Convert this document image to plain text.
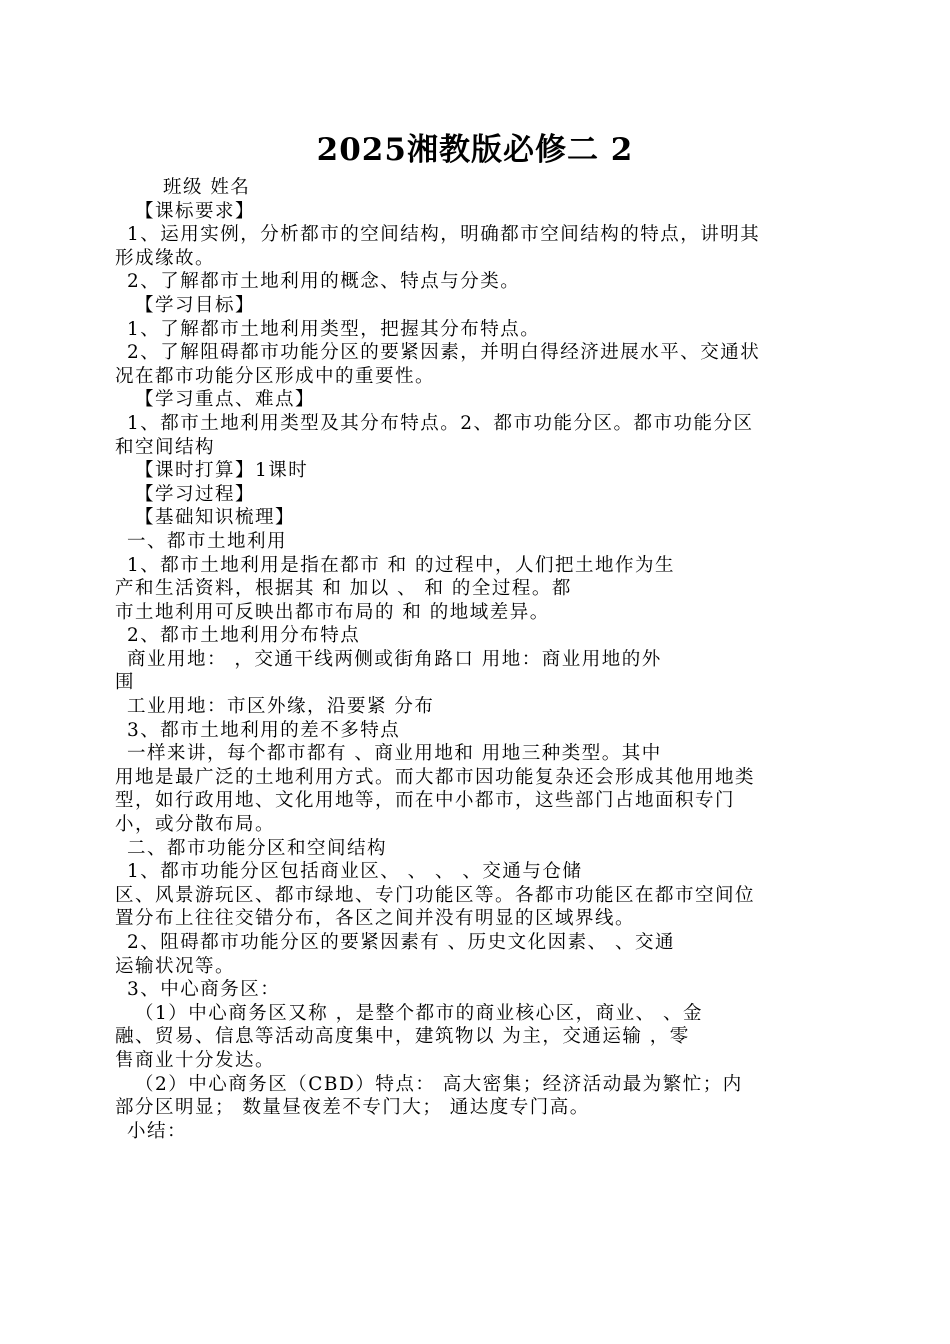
2025湘教版必修二 2

班级 姓名

【课标要求】

1、运用实例，分析都市的空间结构，明确都市空间结构的特点，讲明其

形成缘故。

2、了解都市土地利用的概念、特点与分类。

【学习目标】

1、了解都市土地利用类型，把握其分布特点。

2、了解阻碍都市功能分区的要紧因素，并明白得经济进展水平、交通状

况在都市功能分区形成中的重要性。

【学习重点、难点】

1、都市土地利用类型及其分布特点。2、都市功能分区。都市功能分区

和空间结构

【课时打算】1课时

【学习过程】

【基础知识梳理】

一、都市土地利用

1、都市土地利用是指在都市 和 的过程中，人们把土地作为生

产和生活资料，根据其 和 加以 、 和 的全过程。都

市土地利用可反映出都市布局的 和 的地域差异。

2、都市土地利用分布特点

商业用地： ，交通干线两侧或街角路口 用地：商业用地的外

围

工业用地：市区外缘，沿要紧 分布

3、都市土地利用的差不多特点

一样来讲，每个都市都有 、商业用地和 用地三种类型。其中

用地是最广泛的土地利用方式。而大都市因功能复杂还会形成其他用地类

型，如行政用地、文化用地等，而在中小都市，这些部门占地面积专门

小，或分散布局。

二、都市功能分区和空间结构

1、都市功能分区包括商业区、 、 、 、交通与仓储

区、风景游玩区、都市绿地、专门功能区等。各都市功能区在都市空间位

置分布上往往交错分布，各区之间并没有明显的区域界线。

2、阻碍都市功能分区的要紧因素有 、历史文化因素、 、交通

运输状况等。

3、中心商务区：

（1）中心商务区又称 ，是整个都市的商业核心区，商业、 、金

融、贸易、信息等活动高度集中，建筑物以 为主，交通运输 ，零

售商业十分发达。

（2）中心商务区（CBD）特点： 高大密集；经济活动最为繁忙；内

部分区明显； 数量昼夜差不专门大； 通达度专门高。

小结：
